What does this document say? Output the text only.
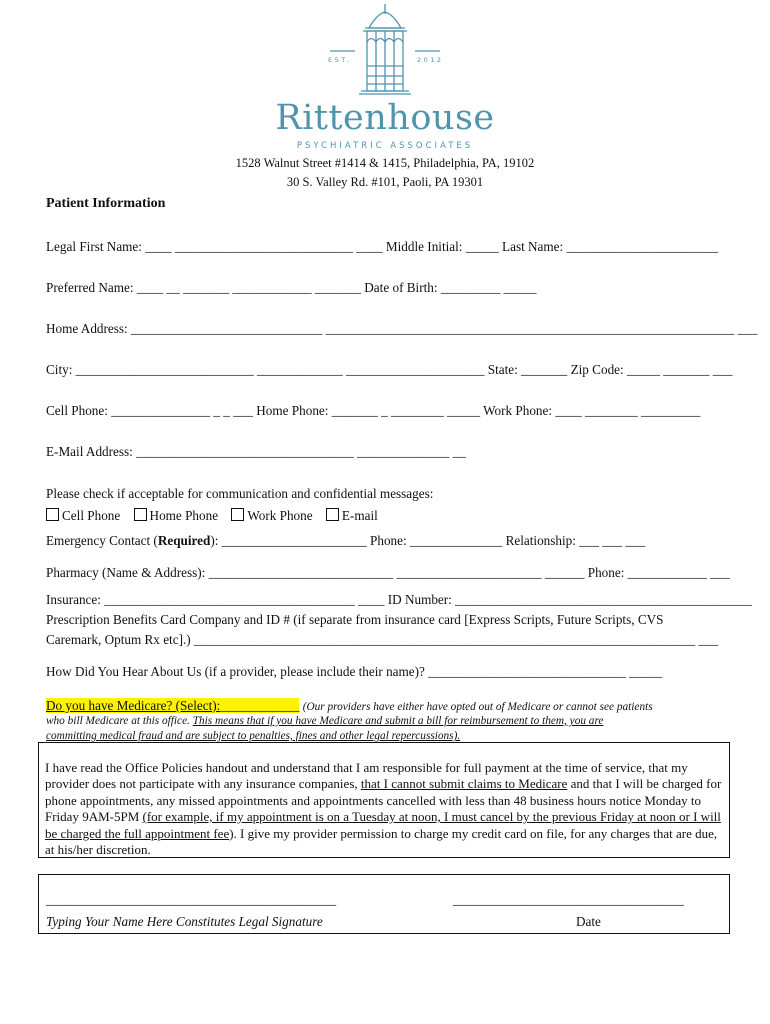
EST.	2012
Rittenhouse
PSYCHIATRIC ASSOCIATES
1528 Walnut Street #1414 & 1415, Philadelphia, PA, 19102
30 S. Valley Rd. #101, Paoli, PA 19301
Patient Information
Legal First Name: ____ ___________________________ ____ Middle Initial: _____ Last Name: _______________________
Preferred Name: ____ __ _______ ____________ _______ Date of Birth: _________ _____
Home Address: _____________________________ ______________________________________________________________ ___
City: ___________________________ _____________ _____________________ State: _______ Zip Code: _____ _______ ___
Cell Phone: _______________ _ _ ___ Home Phone: _______ _ ________ _____ Work Phone: ____ ________ _________
E-Mail Address: _________________________________ ______________ __
Please check if acceptable for communication and confidential messages:
Cell Phone Home Phone Work Phone E-mail
Emergency Contact (Required): ______________________ Phone: ______________ Relationship: ___ ___ ___
Pharmacy (Name & Address): ____________________________ ______________________ ______ Phone: ____________ ___
Insurance: ______________________________________ ____ ID Number: _____________________________________________
Prescription Benefits Card Company and ID # (if separate from insurance card [Express Scripts, Future Scripts, CVS
Caremark, Optum Rx etc].) ____________________________________________________________________________ ___
How Did You Hear About Us (if a provider, please include their name)? ______________________________ _____
Do you have Medicare? (Select):____________ (Our providers have either have opted out of Medicare or cannot see patients
who bill Medicare at this office. This means that if you have Medicare and submit a bill for reimbursement to them, you are
committing medical fraud and are subject to penalties, fines and other legal repercussions).

I have read the Office Policies handout and understand that I am responsible for full payment at the time of service, that my provider does not participate with any insurance companies, that I cannot submit claims to Medicare and that I will be charged for phone appointments, any missed appointments and appointments cancelled with less than 48 business hours notice Monday to Friday 9AM-5PM (for example, if my appointment is on a Tuesday at noon, I must cancel by the previous Friday at noon or I will be charged the full appointment fee). I give my provider permission to charge my credit card on file, for any charges that are due, at his/her discretion.

____________________________________________	___________________________________
Typing Your Name Here Constitutes Legal Signature	Date
